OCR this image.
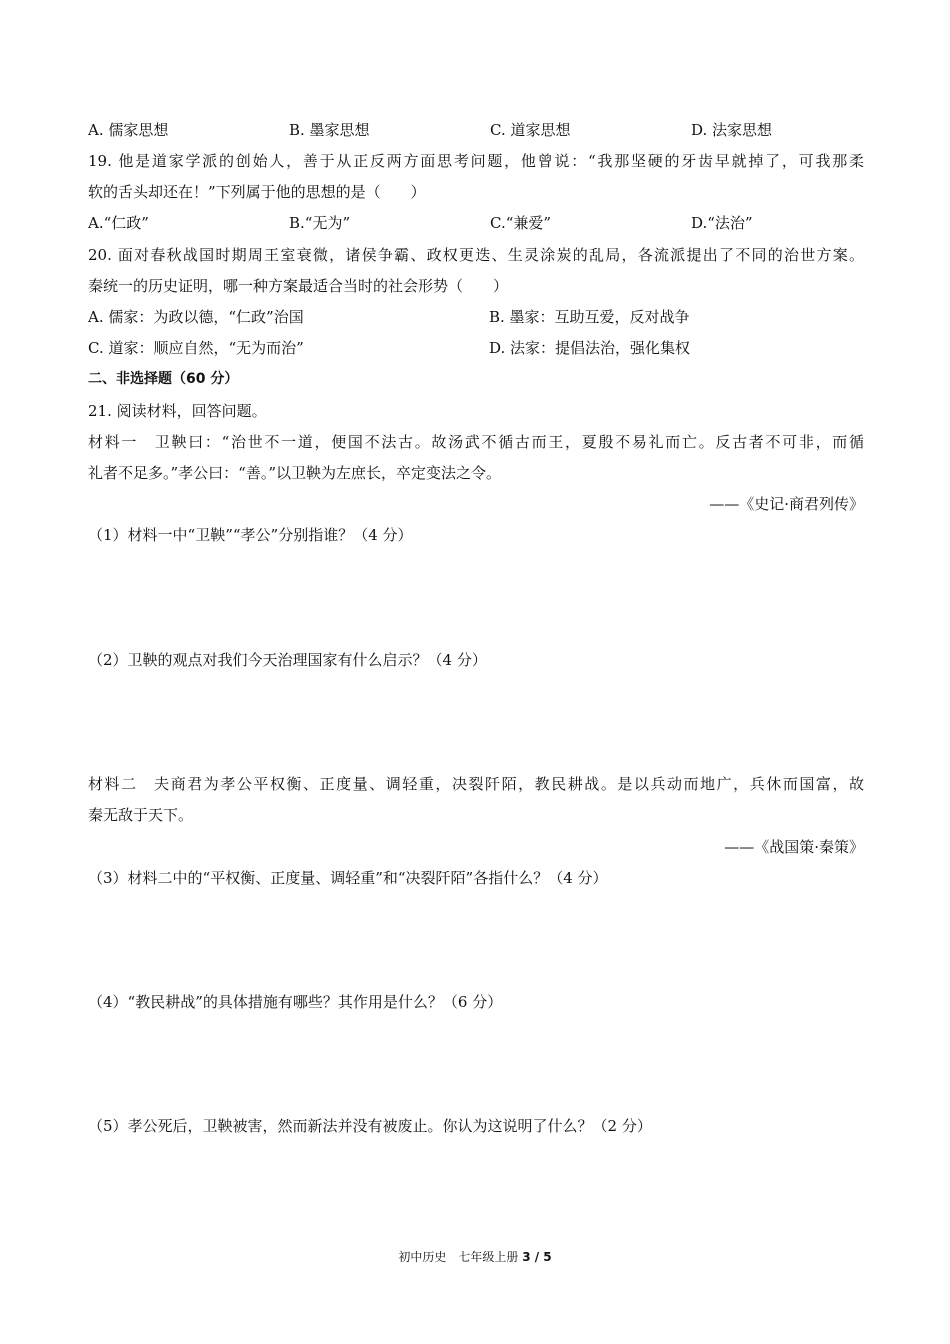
A. 儒家思想	B. 墨家思想	C. 道家思想	D. 法家思想
19. 他是道家学派的创始人，善于从正反两方面思考问题，他曾说：“我那坚硬的牙齿早就掉了，可我那柔
软的舌头却还在！”下列属于他的思想的是（　　）
A.“仁政”	B.“无为”	C.“兼爱”	D.“法治”
20. 面对春秋战国时期周王室衰微，诸侯争霸、政权更迭、生灵涂炭的乱局，各流派提出了不同的治世方案。
秦统一的历史证明，哪一种方案最适合当时的社会形势（　　）
A. 儒家：为政以德，“仁政”治国	B. 墨家：互助互爱，反对战争
C. 道家：顺应自然，“无为而治”	D. 法家：提倡法治，强化集权
二、非选择题（60 分）
21. 阅读材料，回答问题。
材料一　卫鞅曰：“治世不一道，便国不法古。故汤武不循古而王，夏殷不易礼而亡。反古者不可非，而循
礼者不足多。”孝公曰：“善。”以卫鞅为左庶长，卒定变法之令。
——《史记·商君列传》
（1）材料一中“卫鞅”“孝公”分别指谁？（4 分）
（2）卫鞅的观点对我们今天治理国家有什么启示？（4 分）
材料二　夫商君为孝公平权衡、正度量、调轻重，决裂阡陌，教民耕战。是以兵动而地广，兵休而国富，故
秦无敌于天下。
——《战国策·秦策》
（3）材料二中的“平权衡、正度量、调轻重”和“决裂阡陌”各指什么？（4 分）
（4）“教民耕战”的具体措施有哪些？其作用是什么？（6 分）
（5）孝公死后，卫鞅被害，然而新法并没有被废止。你认为这说明了什么？（2 分）
初中历史　七年级上册 3 / 5
